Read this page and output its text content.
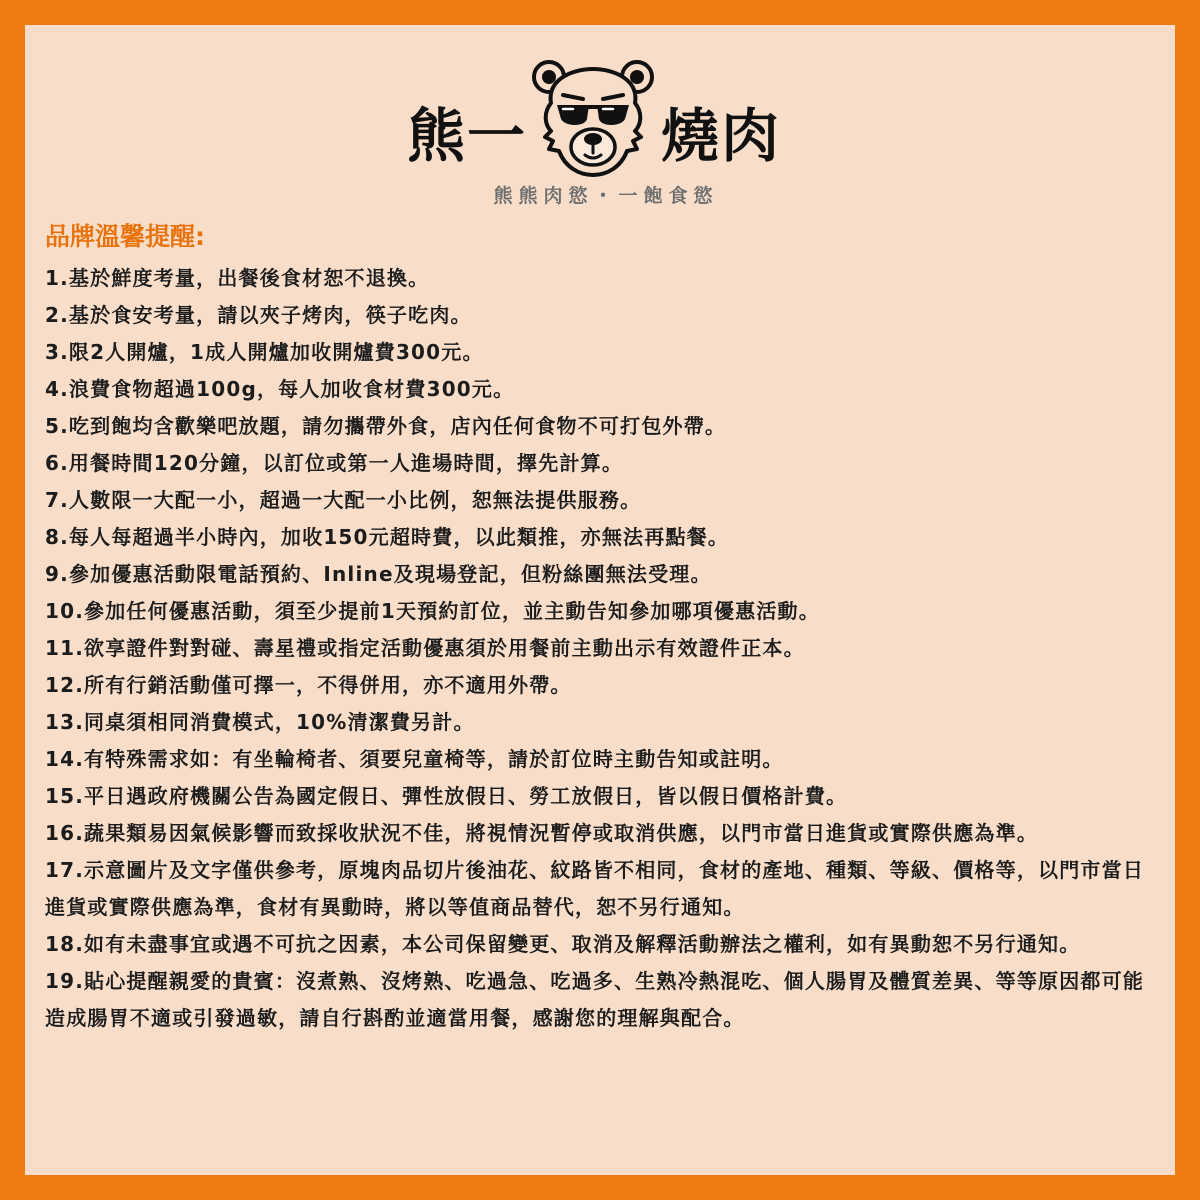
熊一 燒肉
熊熊肉慾・一飽食慾
品牌溫馨提醒:
1.基於鮮度考量，出餐後食材恕不退換。
2.基於食安考量，請以夾子烤肉，筷子吃肉。
3.限2人開爐，1成人開爐加收開爐費300元。
4.浪費食物超過100g，每人加收食材費300元。
5.吃到飽均含歡樂吧放題，請勿攜帶外食，店內任何食物不可打包外帶。
6.用餐時間120分鐘，以訂位或第一人進場時間，擇先計算。
7.人數限一大配一小，超過一大配一小比例，恕無法提供服務。
8.每人每超過半小時內，加收150元超時費，以此類推，亦無法再點餐。
9.參加優惠活動限電話預約、Inline及現場登記，但粉絲團無法受理。
10.參加任何優惠活動，須至少提前1天預約訂位，並主動告知參加哪項優惠活動。
11.欲享證件對對碰、壽星禮或指定活動優惠須於用餐前主動出示有效證件正本。
12.所有行銷活動僅可擇一，不得併用，亦不適用外帶。
13.同桌須相同消費模式，10%清潔費另計。
14.有特殊需求如：有坐輪椅者、須要兒童椅等，請於訂位時主動告知或註明。
15.平日遇政府機關公告為國定假日、彈性放假日、勞工放假日，皆以假日價格計費。
16.蔬果類易因氣候影響而致採收狀況不佳，將視情況暫停或取消供應，以門市當日進貨或實際供應為準。
17.示意圖片及文字僅供參考，原塊肉品切片後油花、紋路皆不相同，食材的產地、種類、等級、價格等，以門市當日進貨或實際供應為準，食材有異動時，將以等值商品替代，恕不另行通知。
18.如有未盡事宜或遇不可抗之因素，本公司保留變更、取消及解釋活動辦法之權利，如有異動恕不另行通知。
19.貼心提醒親愛的貴賓：沒煮熟、沒烤熟、吃過急、吃過多、生熟冷熱混吃、個人腸胃及體質差異、等等原因都可能造成腸胃不適或引發過敏，請自行斟酌並適當用餐，感謝您的理解與配合。
